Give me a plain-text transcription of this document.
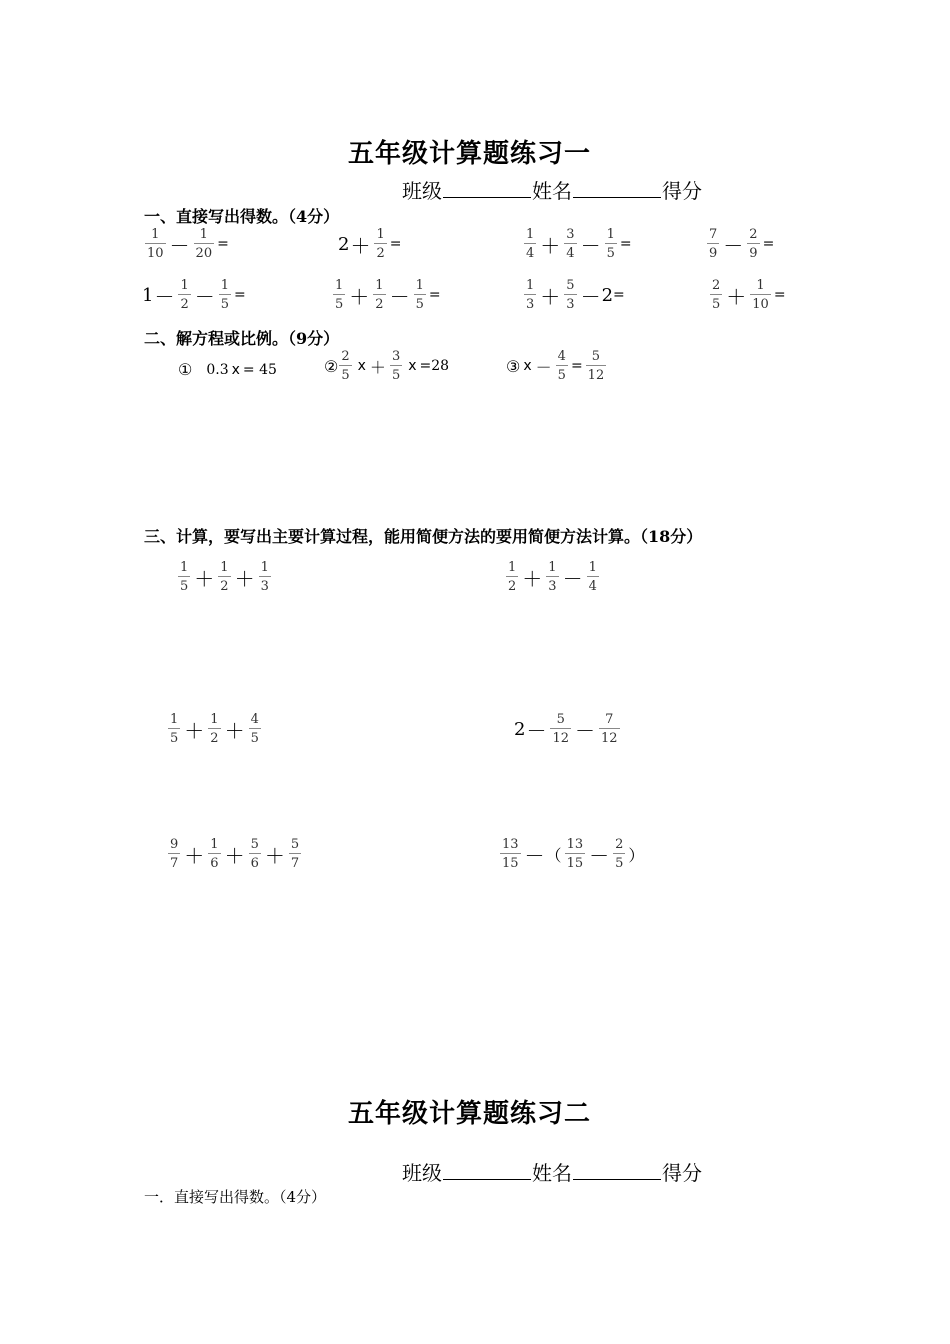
五年级计算题练习一
班级	姓名	得分
一、直接写出得数。（4分）
$\frac{1}{10} - \frac{1}{20}$ =	$2 + \frac{1}{2}$ =	$\frac{1}{4} + \frac{3}{4} - \frac{1}{5}$ =	$\frac{7}{9} - \frac{2}{9}$ =
$1 - \frac{1}{2} - \frac{1}{5}$ =	$\frac{1}{5} + \frac{1}{2} - \frac{1}{5}$ =	$\frac{1}{3} + \frac{5}{3} - 2$ =	$\frac{2}{5} + \frac{1}{10}$ =
二、解方程或比例。（9分）
① 0.3 x = 45	② $\frac{2}{5}$ $x + \frac{3}{5}$ x =28	③ $x - \frac{4}{5} = \frac{5}{12}$
三、计算，要写出主要计算过程，能用简便方法的要用简便方法计算。（18分）
$\frac{1}{5} + \frac{1}{2} + \frac{1}{3}$	$\frac{1}{2} + \frac{1}{3} - \frac{1}{4}$
$\frac{1}{5} + \frac{1}{2} + \frac{4}{5}$	$2 - \frac{5}{12} - \frac{7}{12}$
$\frac{9}{7} + \frac{1}{6} + \frac{5}{6} + \frac{5}{7}$	$\frac{13}{15}$ － （ $\frac{13}{15} - \frac{2}{5}$ ）
五年级计算题练习二
班级	姓名	得分
一．直接写出得数。（4分）
